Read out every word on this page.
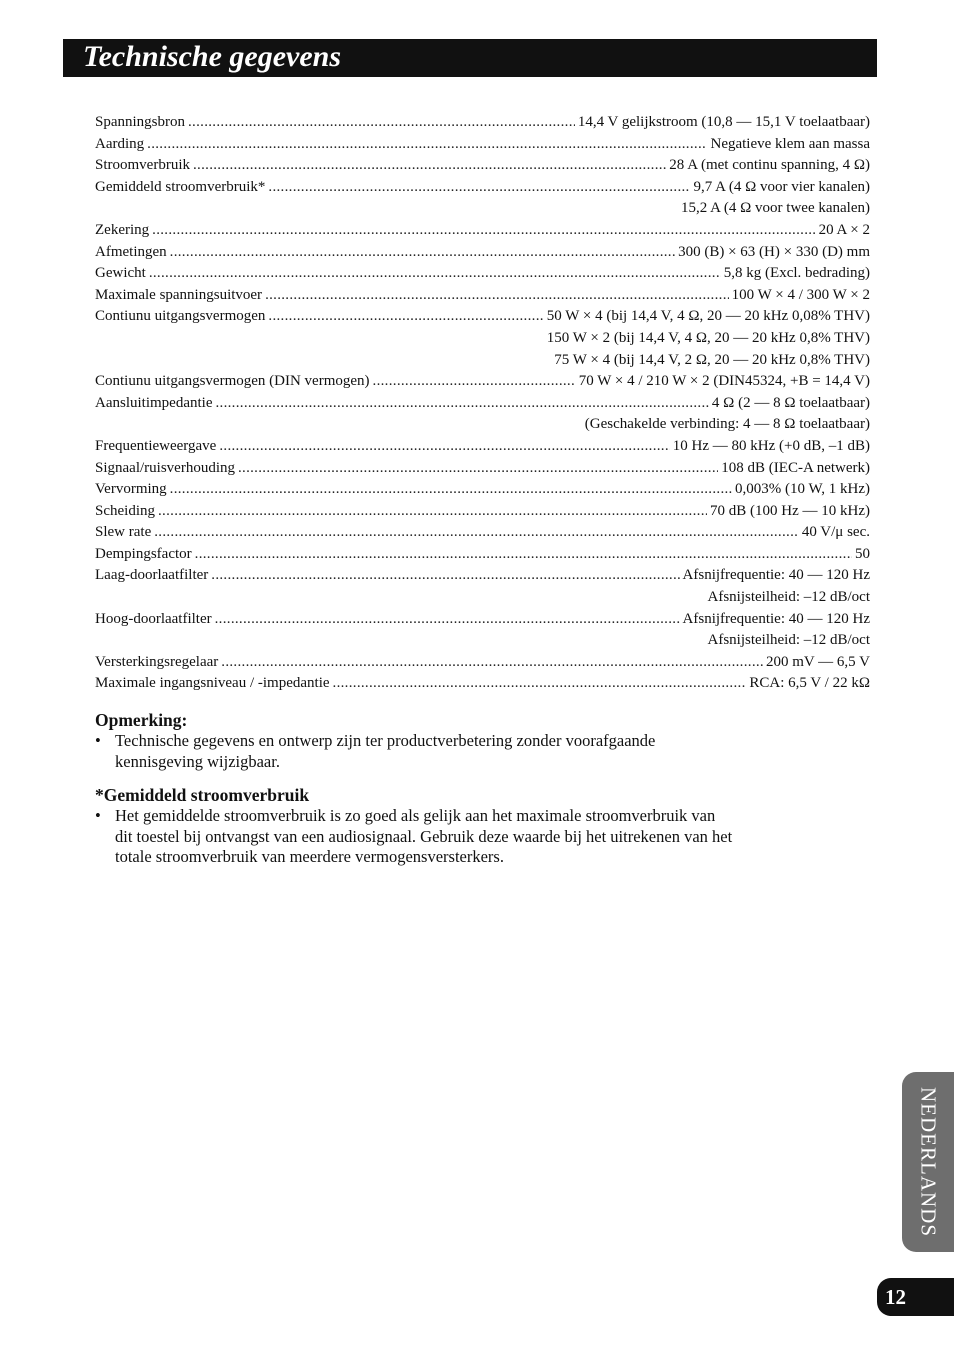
Technische gegevens
Spanningsbron .....	14,4 V gelijkstroom (10,8 — 15,1 V toelaatbaar)
Aarding .....	Negatieve klem aan massa
Stroomverbruik .....	28 A (met continu spanning, 4 Ω)
Gemiddeld stroomverbruik* .....	9,7 A (4 Ω voor vier kanalen)
15,2 A (4 Ω voor twee kanalen)
Zekering .....	20 A × 2
Afmetingen .....	300 (B) × 63 (H) × 330 (D) mm
Gewicht .....	5,8 kg (Excl. bedrading)
Maximale spanningsuitvoer .....	100 W × 4 / 300 W × 2
Contiunu uitgangsvermogen .....	50 W × 4 (bij 14,4 V, 4 Ω, 20 — 20 kHz 0,08% THV)
150 W × 2 (bij 14,4 V, 4 Ω, 20 — 20 kHz 0,8% THV)
75 W × 4 (bij 14,4 V, 2 Ω, 20 — 20 kHz 0,8% THV)
Contiunu uitgangsvermogen (DIN vermogen) .....	70 W × 4 / 210 W × 2 (DIN45324, +B = 14,4 V)
Aansluitimpedantie .....	4 Ω (2 — 8 Ω toelaatbaar)
(Geschakelde verbinding: 4 — 8 Ω toelaatbaar)
Frequentieweergave .....	10 Hz — 80 kHz (+0 dB, –1 dB)
Signaal/ruisverhouding .....	108 dB (IEC-A netwerk)
Vervorming .....	0,003% (10 W, 1 kHz)
Scheiding .....	70 dB (100 Hz — 10 kHz)
Slew rate .....	40 V/μ sec.
Dempingsfactor .....	50
Laag-doorlaatfilter .....	Afsnijfrequentie: 40 — 120 Hz
Afsnijsteilheid: –12 dB/oct
Hoog-doorlaatfilter .....	Afsnijfrequentie: 40 — 120 Hz
Afsnijsteilheid: –12 dB/oct
Versterkingsregelaar .....	200 mV — 6,5 V
Maximale ingangsniveau / -impedantie .....	RCA: 6,5 V / 22 kΩ
Opmerking:
• Technische gegevens en ontwerp zijn ter productverbetering zonder voorafgaande kennisgeving wijzigbaar.
*Gemiddeld stroomverbruik
• Het gemiddelde stroomverbruik is zo goed als gelijk aan het maximale stroomverbruik van dit toestel bij ontvangst van een audiosignaal. Gebruik deze waarde bij het uitrekenen van het totale stroomverbruik van meerdere vermogensversterkers.
NEDERLANDS
12
